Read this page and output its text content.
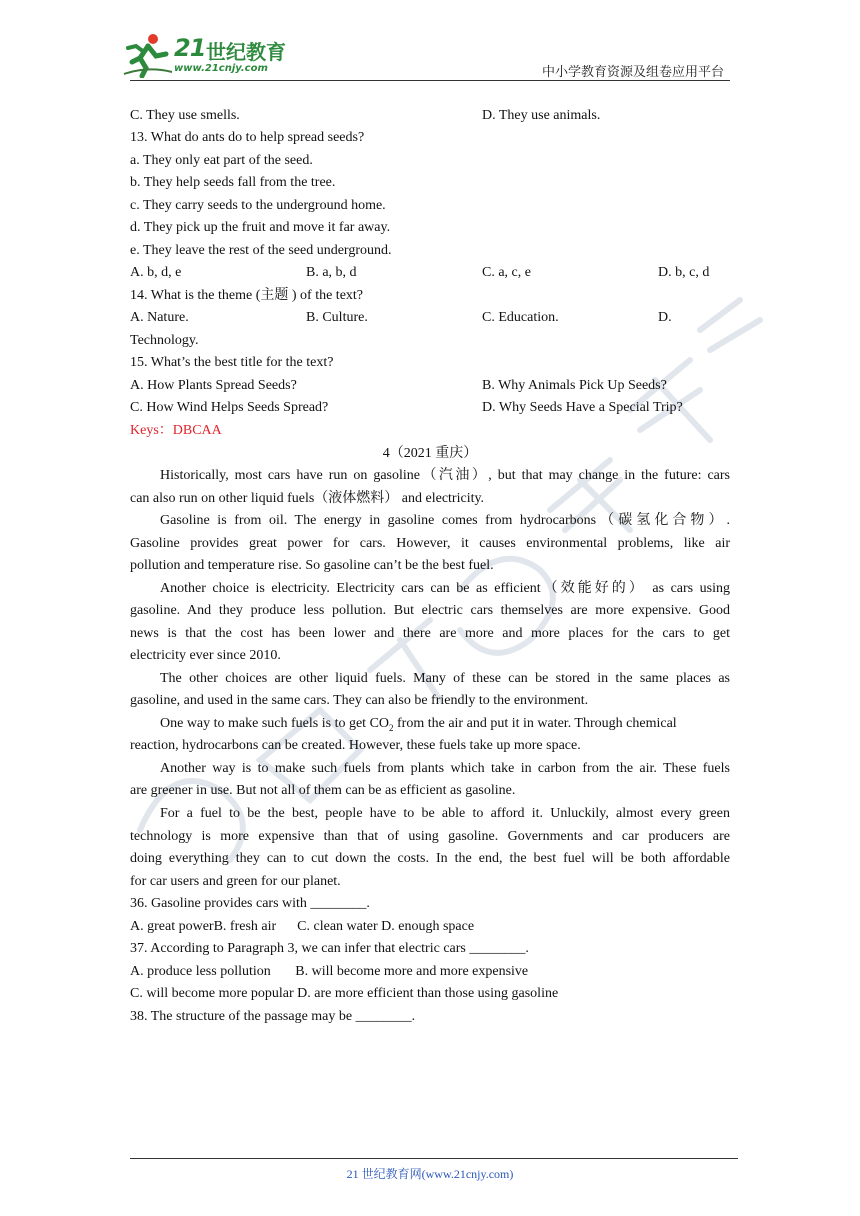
21 世纪教育
www.21cnjy.com	中小学教育资源及组卷应用平台
C. They use smells.	D. They use animals.
13. What do ants do to help spread seeds?
a. They only eat part of the seed.
b. They help seeds fall from the tree.
c. They carry seeds to the underground home.
d. They pick up the fruit and move it far away.
e. They leave the rest of the seed underground.
A. b, d, e	B. a, b, d	C. a, c, e	D. b, c, d
14. What is the theme (主题 ) of the text?
A. Nature.	B. Culture.	C. Education.	D.
Technology.
15. What’s the best title for the text?
A. How Plants Spread Seeds?	B. Why Animals Pick Up Seeds?
C. How Wind Helps Seeds Spread?	D. Why Seeds Have a Special Trip?
Keys：DBCAA
4（2021 重庆）
Historically, most cars have run on gasoline（汽油）, but that may change in the future: cars
can also run on other liquid fuels（液体燃料） and electricity.
Gasoline is from oil. The energy in gasoline comes from hydrocarbons（碳氢化合物）.
Gasoline provides great power for cars. However, it causes environmental problems, like air
pollution and temperature rise. So gasoline can’t be the best fuel.
Another choice is electricity. Electricity cars can be as efficient（效能好的） as cars using
gasoline. And they produce less pollution. But electric cars themselves are more expensive. Good
news is that the cost has been lower and there are more and more places for the cars to get
electricity ever since 2010.
The other choices are other liquid fuels. Many of these can be stored in the same places as
gasoline, and used in the same cars. They can also be friendly to the environment.
One way to make such fuels is to get $CO_2$ from the air and put it in water. Through chemical
reaction, hydrocarbons can be created. However, these fuels take up more space.
Another way is to make such fuels from plants which take in carbon from the air. These fuels
are greener in use. But not all of them can be as efficient as gasoline.
For a fuel to be the best, people have to be able to afford it. Unluckily, almost every green
technology is more expensive than that of using gasoline. Governments and car producers are
doing everything they can to cut down the costs. In the end, the best fuel will be both affordable
for car users and green for our planet.
36. Gasoline provides cars with ________.
A. great powerB. fresh air      C. clean water D. enough space
37. According to Paragraph 3, we can infer that electric cars ________.
A. produce less pollution       B. will become more and more expensive
C. will become more popular D. are more efficient than those using gasoline
38. The structure of the passage may be ________.
21 世纪教育网(www.21cnjy.com)
